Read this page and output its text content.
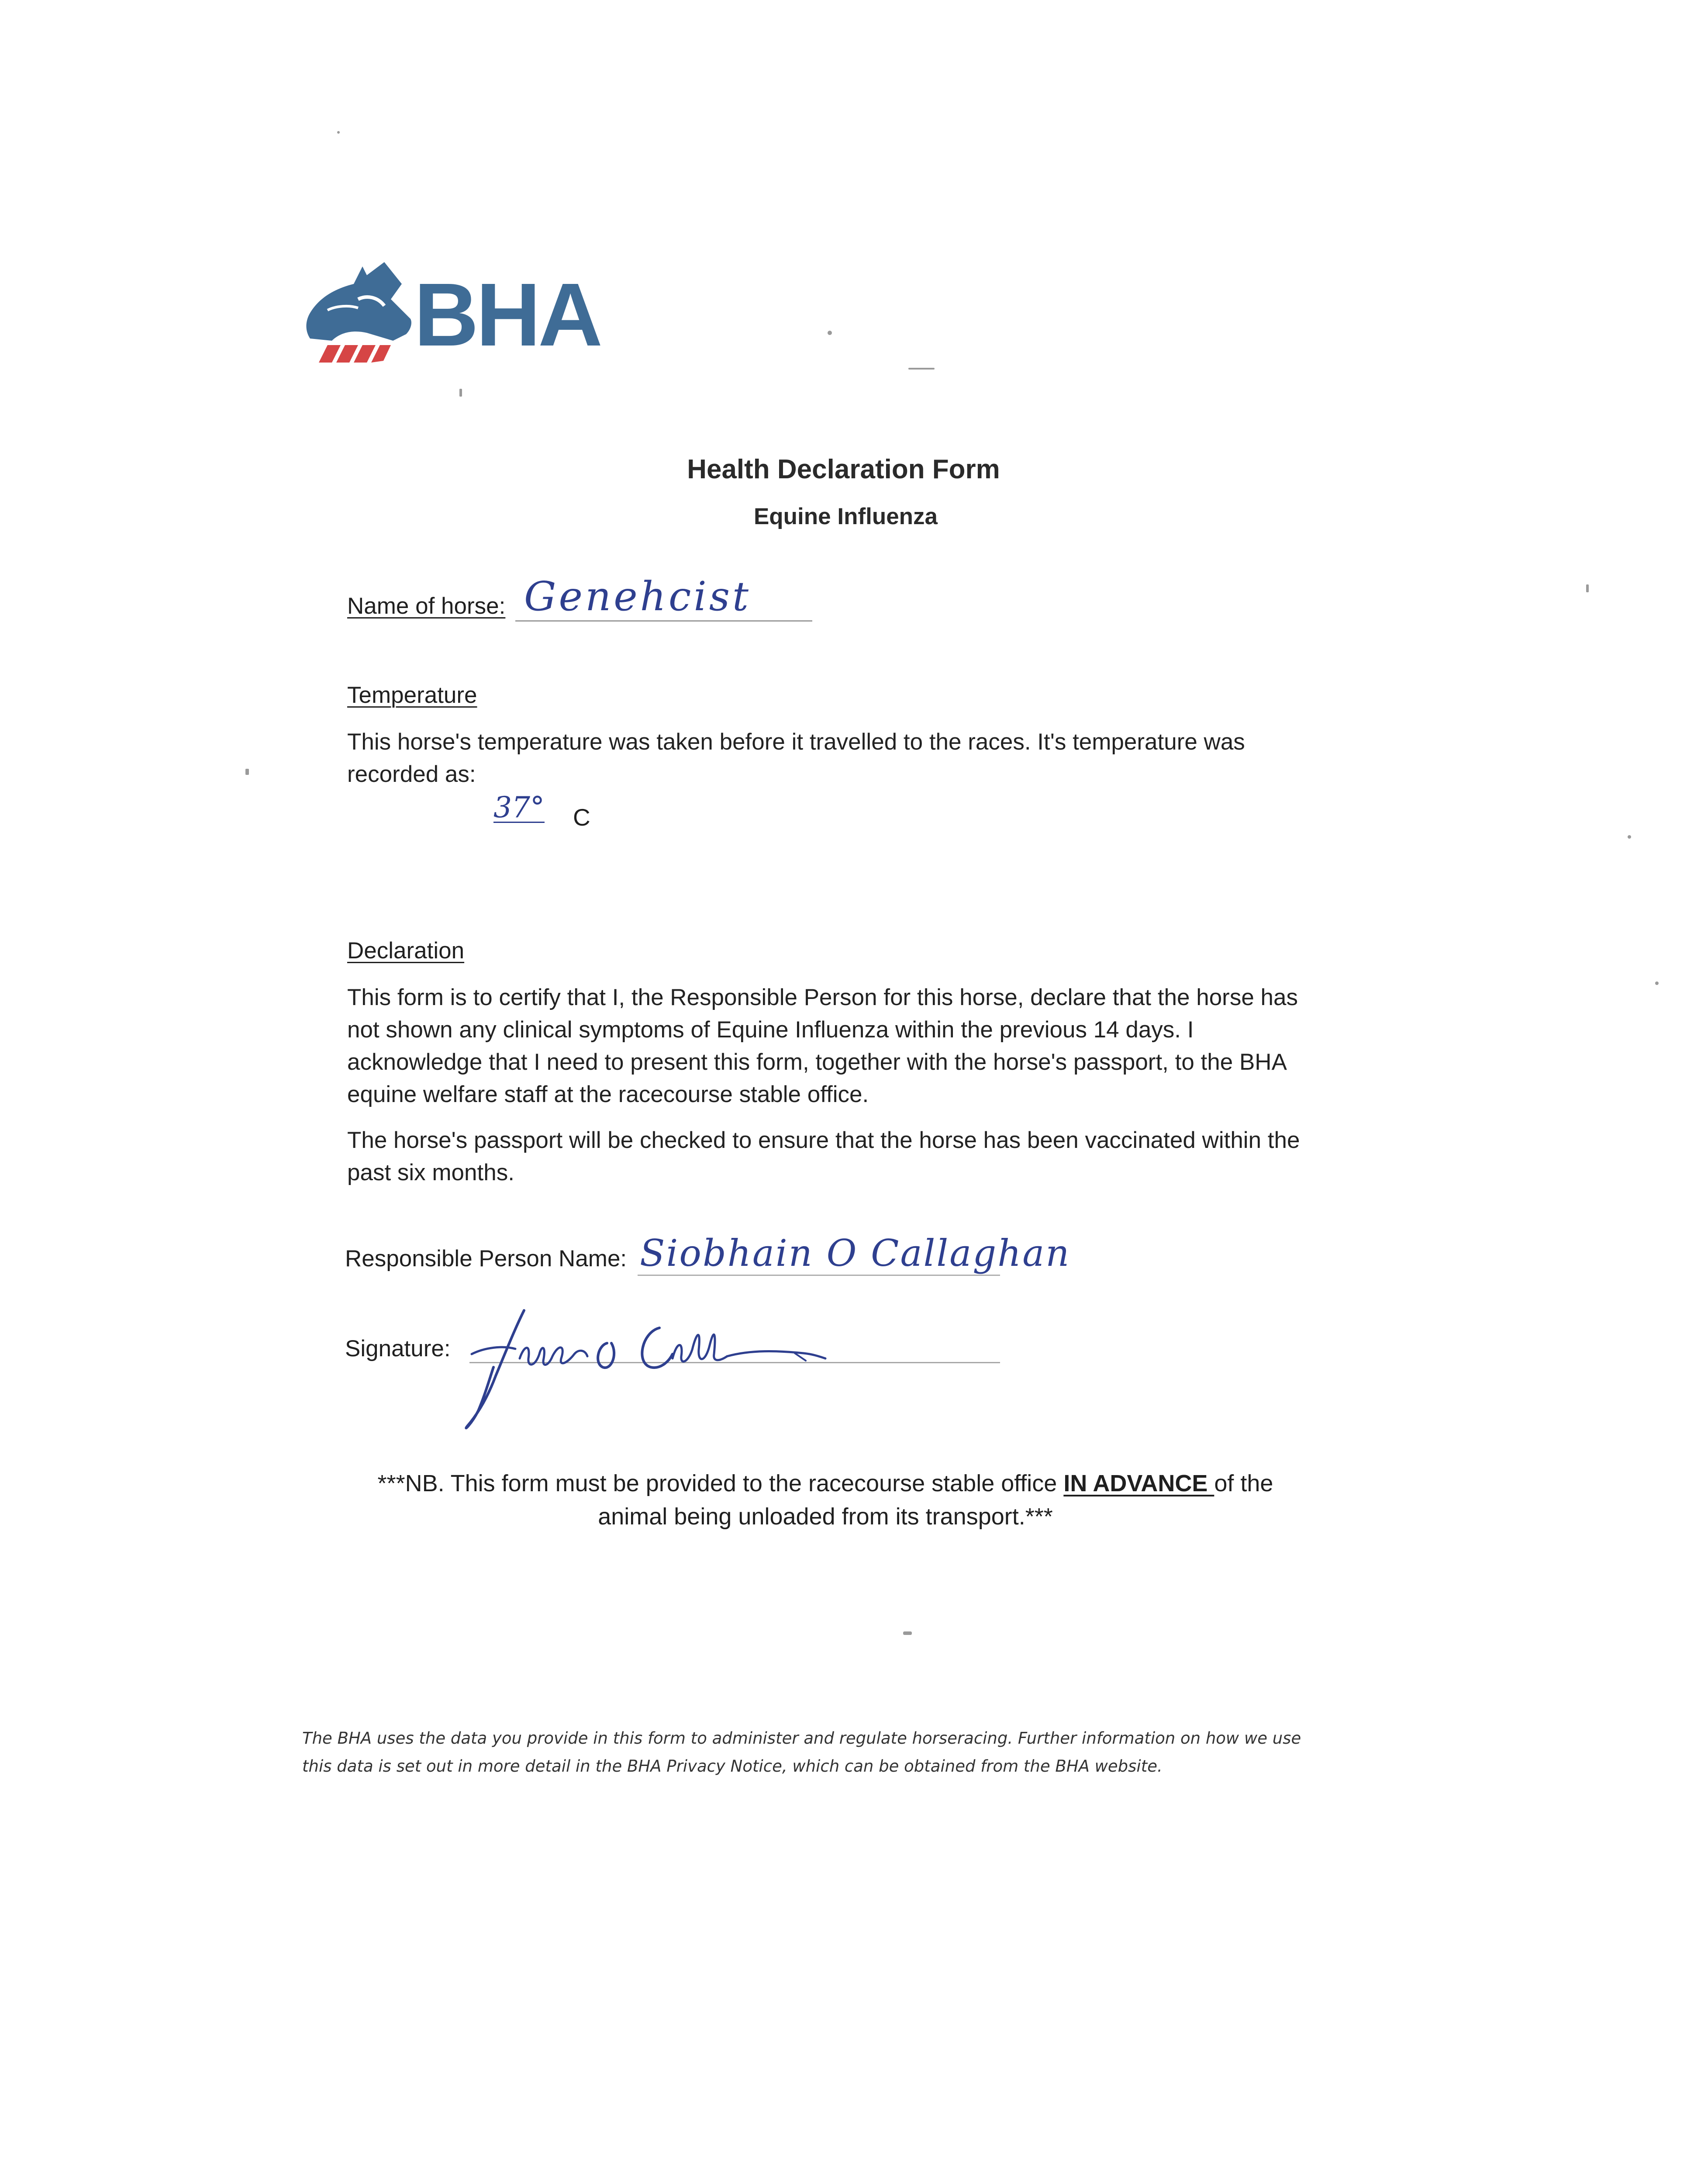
BHA
Health Declaration Form
Equine Influenza
Name of horse: Genehcist
Temperature
This horse's temperature was taken before it travelled to the races. It's temperature was recorded as:
37° C
Declaration
This form is to certify that I, the Responsible Person for this horse, declare that the horse has not shown any clinical symptoms of Equine Influenza within the previous 14 days. I acknowledge that I need to present this form, together with the horse's passport, to the BHA equine welfare staff at the racecourse stable office.
The horse's passport will be checked to ensure that the horse has been vaccinated within the past six months.
Responsible Person Name: Siobhain O Callaghan
Signature:
***NB. This form must be provided to the racecourse stable office IN ADVANCE of the animal being unloaded from its transport.***
The BHA uses the data you provide in this form to administer and regulate horseracing. Further information on how we use this data is set out in more detail in the BHA Privacy Notice, which can be obtained from the BHA website.
